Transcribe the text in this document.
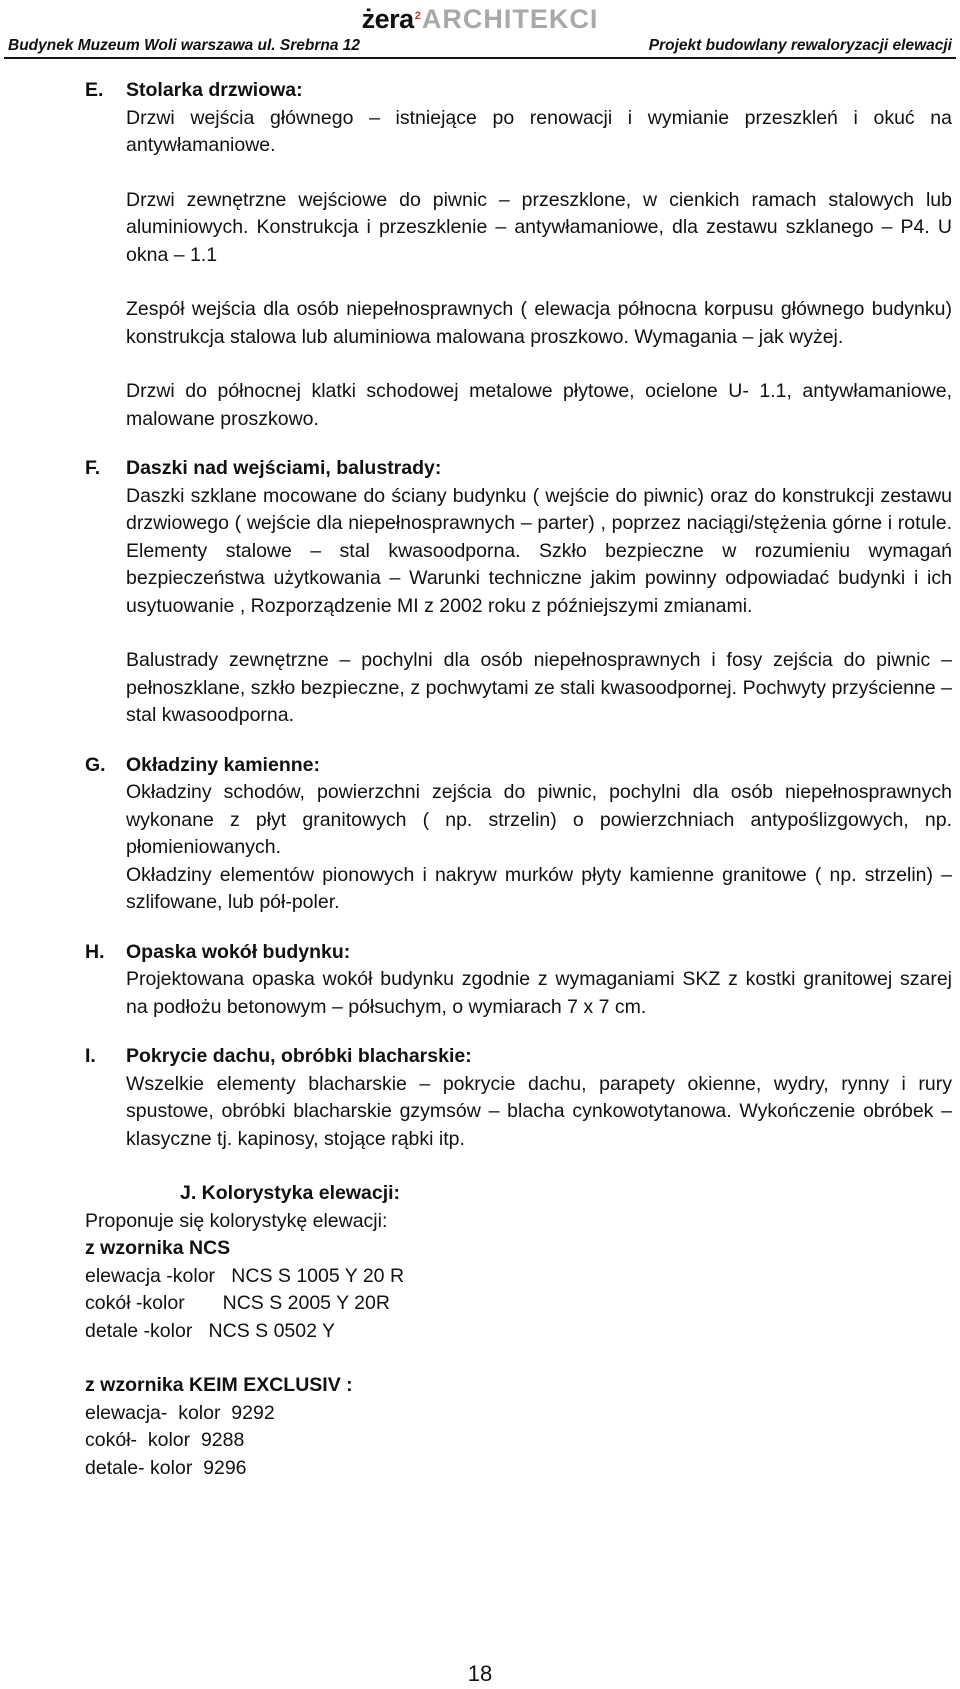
żera$^2$ARCHITEKCI
Budynek Muzeum Woli warszawa ul. Srebrna 12	Projekt budowlany rewaloryzacji elewacji
E. Stolarka drzwiowa:

Drzwi wejścia głównego – istniejące po renowacji i wymianie przeszkleń i okuć na antywłamaniowe.

Drzwi zewnętrzne wejściowe do piwnic – przeszklone, w cienkich ramach stalowych lub aluminiowych. Konstrukcja i przeszklenie – antywłamaniowe, dla zestawu szklanego – P4. U okna – 1.1

Zespół wejścia dla osób niepełnosprawnych ( elewacja północna korpusu głównego budynku) konstrukcja stalowa lub aluminiowa malowana proszkowo. Wymagania – jak wyżej.

Drzwi do północnej klatki schodowej metalowe płytowe, ocielone U- 1.1, antywłamaniowe, malowane proszkowo.

F. Daszki nad wejściami, balustrady:

Daszki szklane mocowane do ściany budynku ( wejście do piwnic) oraz do konstrukcji zestawu drzwiowego ( wejście dla niepełnosprawnych – parter) , poprzez naciągi/stężenia górne i rotule. Elementy stalowe – stal kwasoodporna. Szkło bezpieczne w rozumieniu wymagań bezpieczeństwa użytkowania – Warunki techniczne jakim powinny odpowiadać budynki i ich usytuowanie , Rozporządzenie MI z 2002 roku z późniejszymi zmianami.

Balustrady zewnętrzne – pochylni dla osób niepełnosprawnych i fosy zejścia do piwnic – pełnoszklane, szkło bezpieczne, z pochwytami ze stali kwasoodpornej. Pochwyty przyścienne – stal kwasoodporna.

G. Okładziny kamienne:

Okładziny schodów, powierzchni zejścia do piwnic, pochylni dla osób niepełnosprawnych wykonane z płyt granitowych ( np. strzelin) o powierzchniach antypoślizgowych, np. płomieniowanych.

Okładziny elementów pionowych i nakryw murków płyty kamienne granitowe ( np. strzelin) – szlifowane, lub pół-poler.

H. Opaska wokół budynku:

Projektowana opaska wokół budynku zgodnie z wymaganiami SKZ z kostki granitowej szarej na podłożu betonowym – półsuchym, o wymiarach 7 x 7 cm.

I. Pokrycie dachu, obróbki blacharskie:

Wszelkie elementy blacharskie – pokrycie dachu, parapety okienne, wydry, rynny i rury spustowe, obróbki blacharskie gzymsów – blacha cynkowotytanowa. Wykończenie obróbek – klasyczne tj. kapinosy, stojące rąbki itp.

J. Kolorystyka elewacji:

Proponuje się kolorystykę elewacji:

z wzornika NCS

elewacja -kolor   NCS S 1005 Y 20 R

cokół -kolor       NCS S 2005 Y 20R

detale -kolor   NCS S 0502 Y

z wzornika KEIM EXCLUSIV :

elewacja-  kolor  9292

cokół-  kolor  9288

detale- kolor  9296

18
